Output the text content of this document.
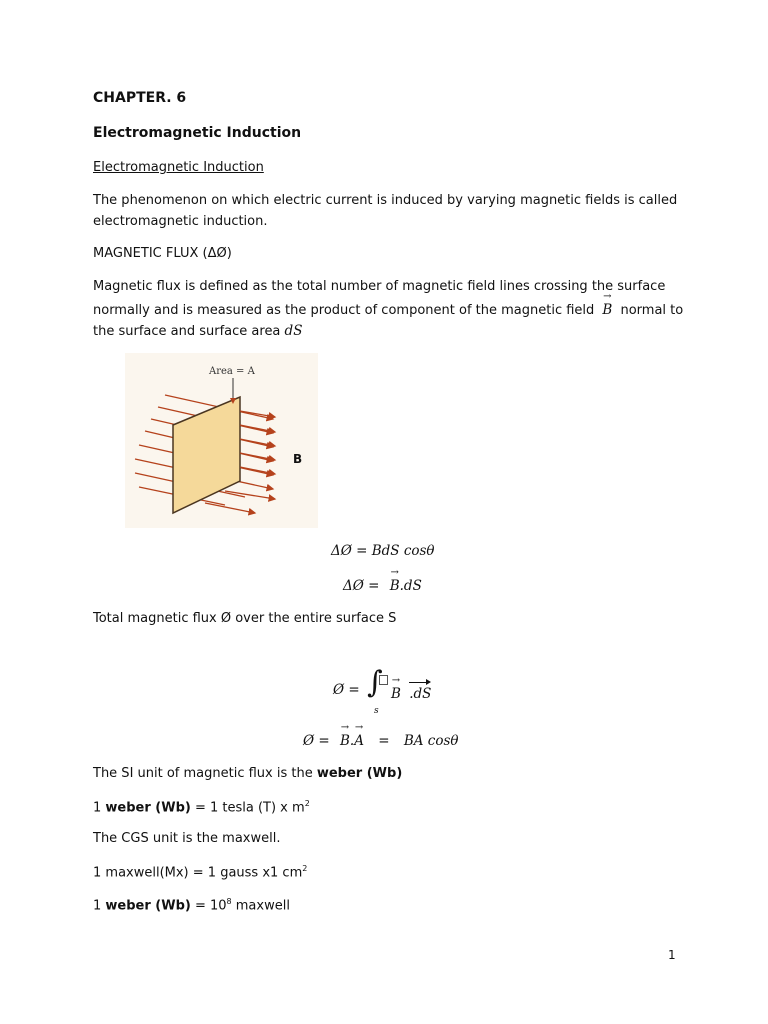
CHAPTER. 6
Electromagnetic Induction
Electromagnetic Induction
The phenomenon on which electric current is induced by varying magnetic fields is called
electromagnetic induction.
MAGNETIC FLUX (ΔØ)
Magnetic flux is defined as the total number of magnetic field lines crossing the surface
normally and is measured as the product of component of the magnetic field → B normal to
the surface and surface area dS
Area = A
B
ΔØ = BdS cosθ
ΔØ = → B.dS
Total magnetic flux Ø over the entire surface S
Ø = ∫
s
→ B .dS
Ø = → B.→ A = BA cosθ
The SI unit of magnetic flux is the weber (Wb)
1 weber (Wb) = 1 tesla (T) x $m^2$
The CGS unit is the maxwell.
1 maxwell(Mx) = 1 gauss x1 $cm^2$
1 weber $(Wb) = 10^8$ maxwell
1
